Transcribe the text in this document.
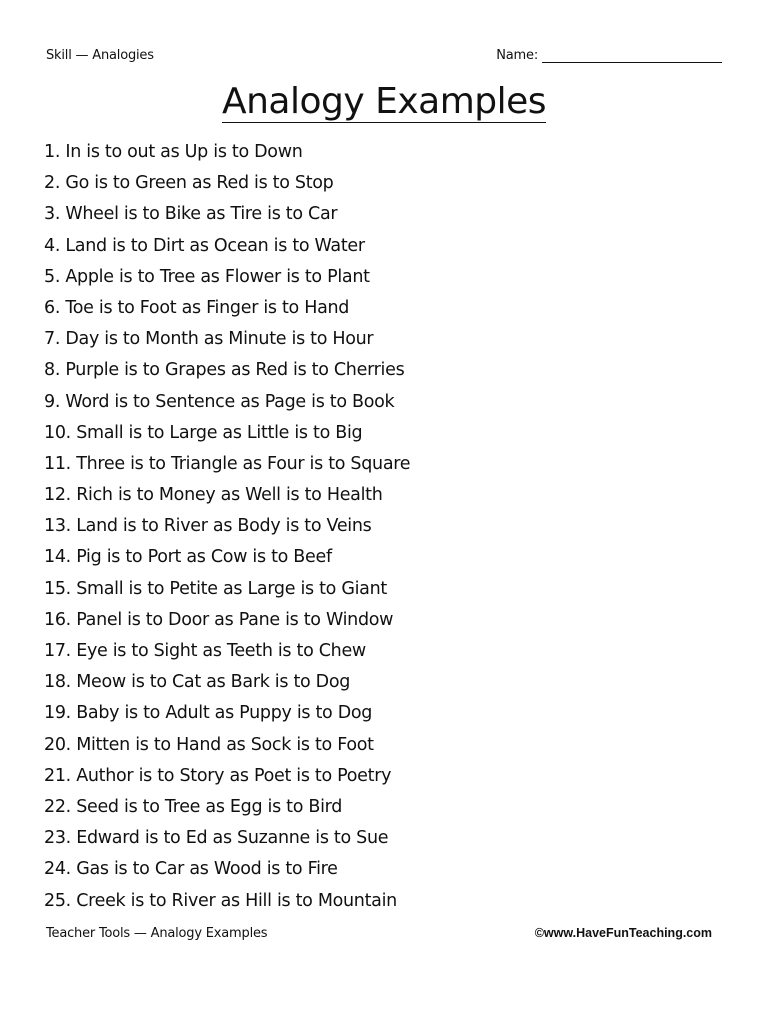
Skill — Analogies	Name:
Analogy Examples
1. In is to out as Up is to Down
2. Go is to Green as Red is to Stop
3. Wheel is to Bike as Tire is to Car
4. Land is to Dirt as Ocean is to Water
5. Apple is to Tree as Flower is to Plant
6. Toe is to Foot as Finger is to Hand
7. Day is to Month as Minute is to Hour
8. Purple is to Grapes as Red is to Cherries
9. Word is to Sentence as Page is to Book
10. Small is to Large as Little is to Big
11. Three is to Triangle as Four is to Square
12. Rich is to Money as Well is to Health
13. Land is to River as Body is to Veins
14. Pig is to Port as Cow is to Beef
15. Small is to Petite as Large is to Giant
16. Panel is to Door as Pane is to Window
17. Eye is to Sight as Teeth is to Chew
18. Meow is to Cat as Bark is to Dog
19. Baby is to Adult as Puppy is to Dog
20. Mitten is to Hand as Sock is to Foot
21. Author is to Story as Poet is to Poetry
22. Seed is to Tree as Egg is to Bird
23. Edward is to Ed as Suzanne is to Sue
24. Gas is to Car as Wood is to Fire
25. Creek is to River as Hill is to Mountain
Teacher Tools — Analogy Examples	©www.HaveFunTeaching.com
